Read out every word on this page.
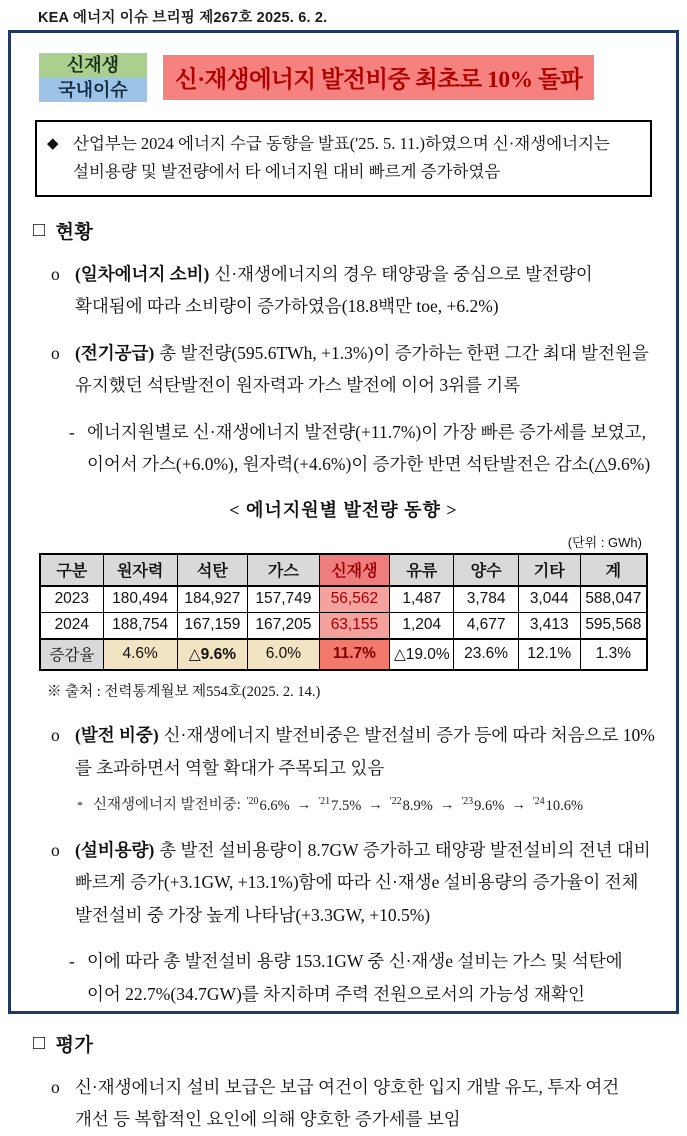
KEA 에너지 이슈 브리핑 제267호 2025. 6. 2.
신재생
국내이슈	신·재생에너지 발전비중 최초로 10% 돌파
◆ 산업부는 2024 에너지 수급 동향을 발표('25. 5. 11.)하였으며 신·재생에너지는 설비용량 및 발전량에서 타 에너지원 대비 빠르게 증가하였음
□ 현황
o (일차에너지 소비) 신·재생에너지의 경우 태양광을 중심으로 발전량이 확대됨에 따라 소비량이 증가하였음(18.8백만 toe, +6.2%)
o (전기공급) 총 발전량(595.6TWh, +1.3%)이 증가하는 한편 그간 최대 발전원을 유지했던 석탄발전이 원자력과 가스 발전에 이어 3위를 기록
- 에너지원별로 신·재생에너지 발전량(+11.7%)이 가장 빠른 증가세를 보였고, 이어서 가스(+6.0%), 원자력(+4.6%)이 증가한 반면 석탄발전은 감소(△9.6%)
< 에너지원별 발전량 동향 >
(단위 : GWh)
구분	원자력	석탄	가스	신재생	유류	양수	기타	계
2023	180,494	184,927	157,749	56,562	1,487	3,784	3,044	588,047
2024	188,754	167,159	167,205	63,155	1,204	4,677	3,413	595,568
증감율	4.6%	△9.6%	6.0%	11.7%	△19.0%	23.6%	12.1%	1.3%
※ 출처 : 전력통계월보 제554호(2025. 2. 14.)
o (발전 비중) 신·재생에너지 발전비중은 발전설비 증가 등에 따라 처음으로 10%를 초과하면서 역할 확대가 주목되고 있음
* 신재생에너지 발전비중: $^{'20}$6.6% → $^{'21}$7.5% → $^{'22}$8.9% → $^{'23}$9.6% → $^{'24}$10.6%
o (설비용량) 총 발전 설비용량이 8.7GW 증가하고 태양광 발전설비의 전년 대비 빠르게 증가(+3.1GW, +13.1%)함에 따라 신·재생e 설비용량의 증가율이 전체 발전설비 중 가장 높게 나타남(+3.3GW, +10.5%)
- 이에 따라 총 발전설비 용량 153.1GW 중 신·재생e 설비는 가스 및 석탄에 이어 22.7%(34.7GW)를 차지하며 주력 전원으로서의 가능성 재확인
□ 평가
o 신·재생에너지 설비 보급은 보급 여건이 양호한 입지 개발 유도, 투자 여건 개선 등 복합적인 요인에 의해 양호한 증가세를 보임
